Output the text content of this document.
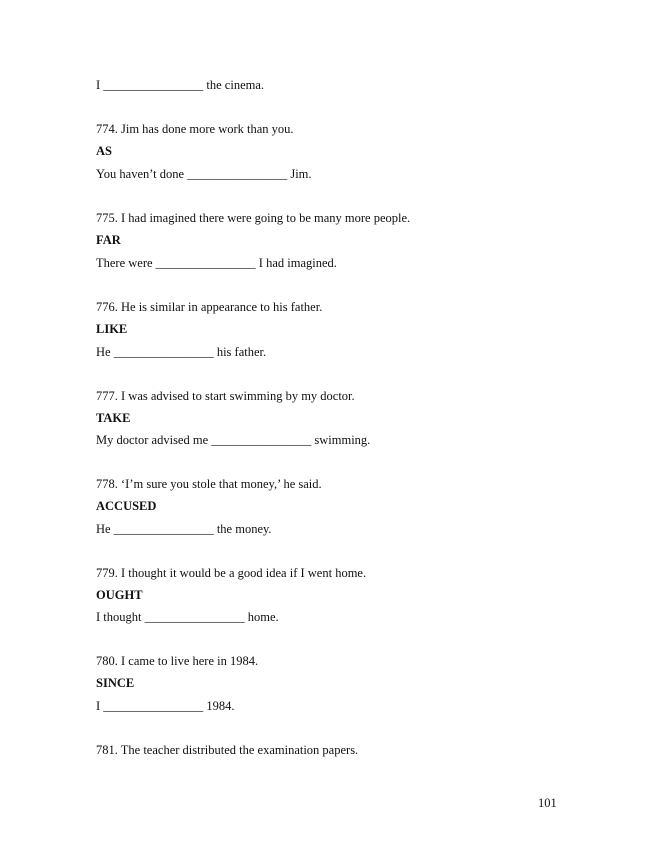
I ________________ the cinema.
774. Jim has done more work than you.
AS
You haven’t done ________________ Jim.
775. I had imagined there were going to be many more people.
FAR
There were ________________ I had imagined.
776. He is similar in appearance to his father.
LIKE
He ________________ his father.
777. I was advised to start swimming by my doctor.
TAKE
My doctor advised me ________________ swimming.
778. ‘I’m sure you stole that money,’ he said.
ACCUSED
He ________________ the money.
779. I thought it would be a good idea if I went home.
OUGHT
I thought ________________ home.
780. I came to live here in 1984.
SINCE
I ________________ 1984.
781. The teacher distributed the examination papers.
101
